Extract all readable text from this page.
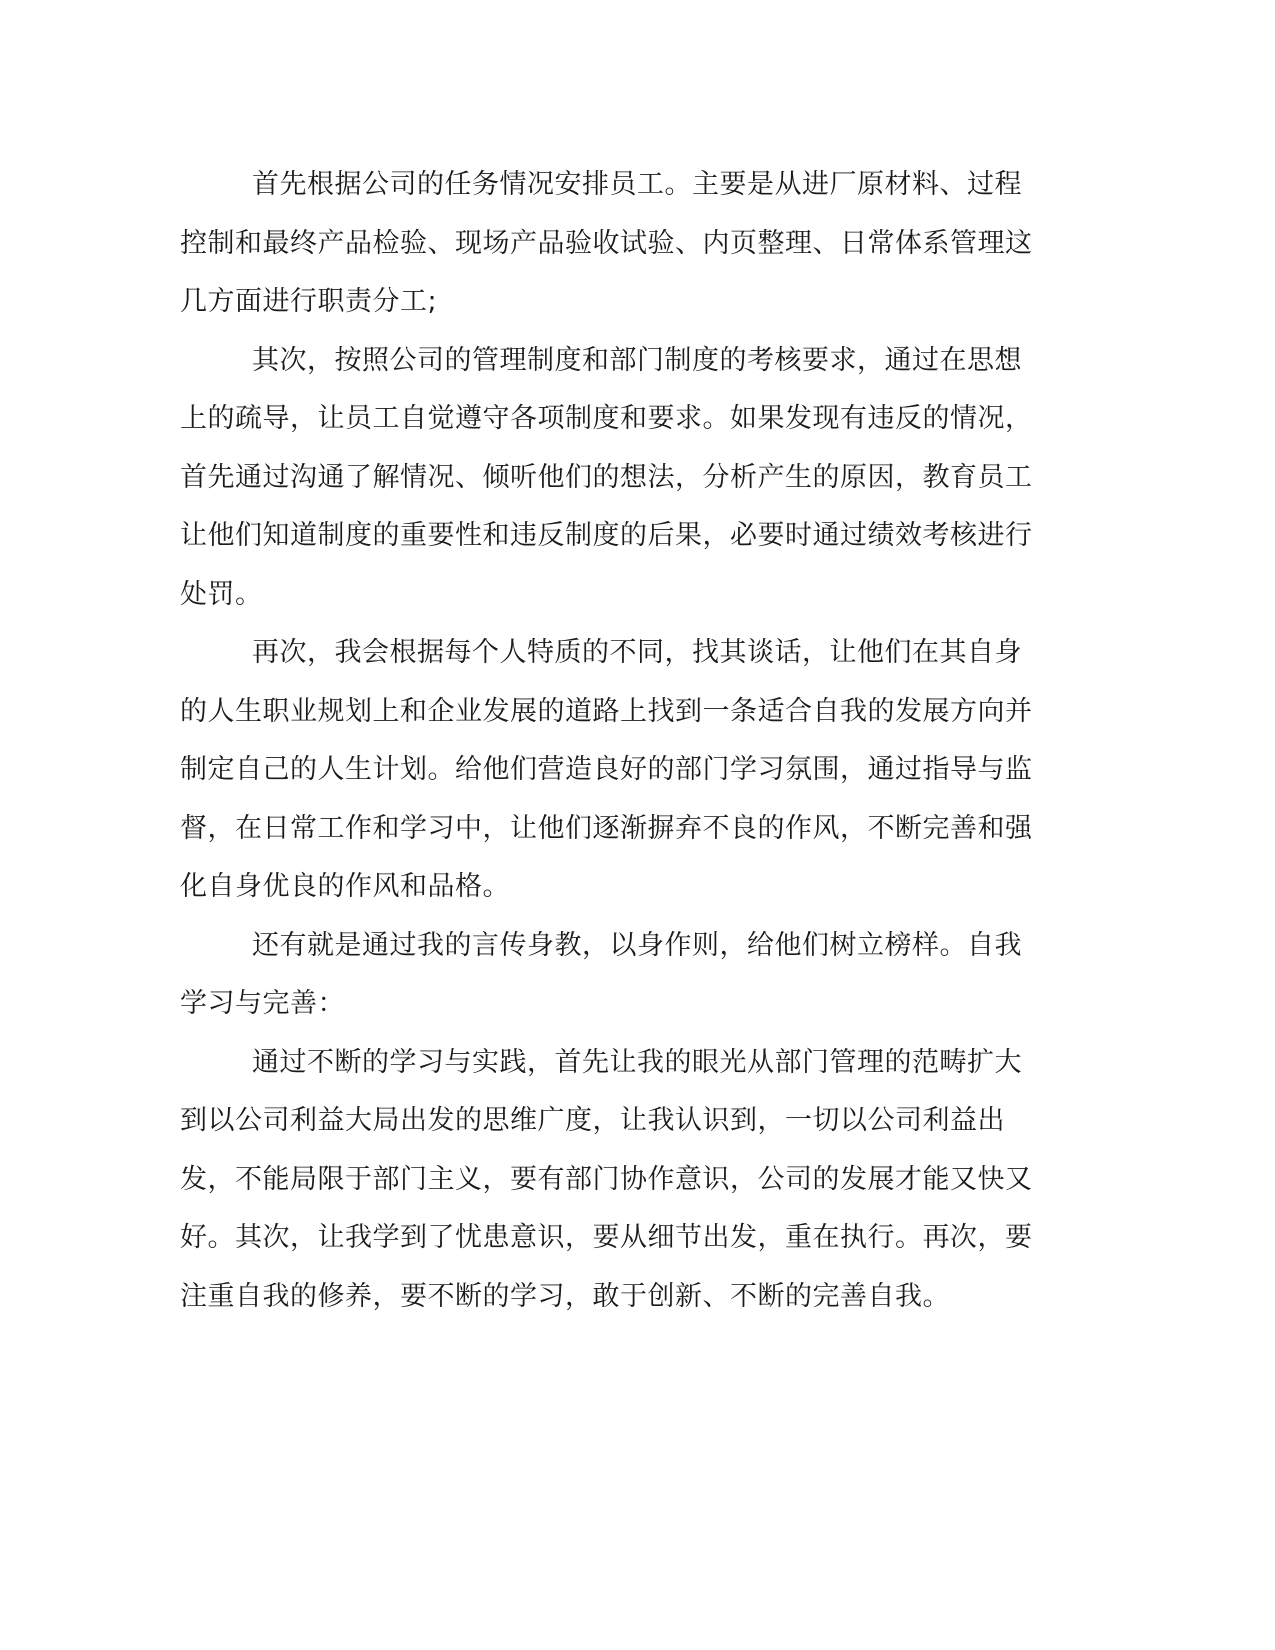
首先根据公司的任务情况安排员工。主要是从进厂原材料、过程控制和最终产品检验、现场产品验收试验、内页整理、日常体系管理这几方面进行职责分工;

其次，按照公司的管理制度和部门制度的考核要求，通过在思想上的疏导，让员工自觉遵守各项制度和要求。如果发现有违反的情况，首先通过沟通了解情况、倾听他们的想法，分析产生的原因，教育员工让他们知道制度的重要性和违反制度的后果，必要时通过绩效考核进行处罚。

再次，我会根据每个人特质的不同，找其谈话，让他们在其自身的人生职业规划上和企业发展的道路上找到一条适合自我的发展方向并制定自己的人生计划。给他们营造良好的部门学习氛围，通过指导与监督，在日常工作和学习中，让他们逐渐摒弃不良的作风，不断完善和强化自身优良的作风和品格。

还有就是通过我的言传身教，以身作则，给他们树立榜样。自我学习与完善：

通过不断的学习与实践，首先让我的眼光从部门管理的范畴扩大到以公司利益大局出发的思维广度，让我认识到，一切以公司利益出发，不能局限于部门主义，要有部门协作意识，公司的发展才能又快又好。其次，让我学到了忧患意识，要从细节出发，重在执行。再次，要注重自我的修养，要不断的学习，敢于创新、不断的完善自我。
